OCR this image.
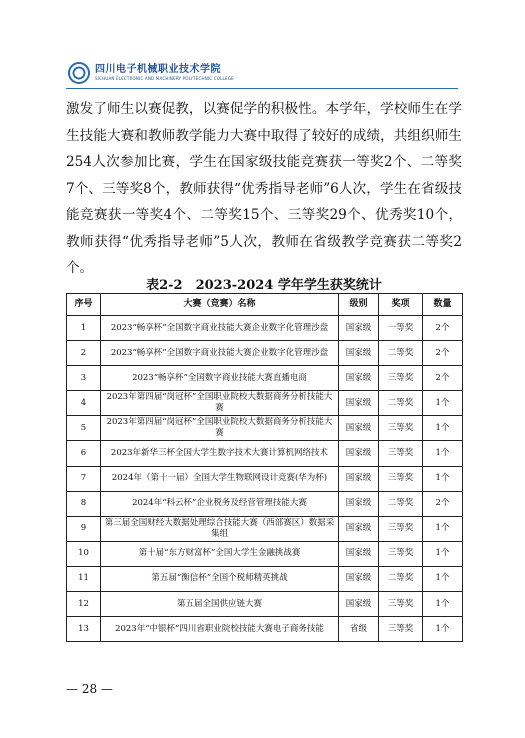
四川电子机械职业技术学院
SICHUAN ELECTRONIC AND MACHINERY POLYTECHNIC COLLEGE
激发了师生以赛促教，以赛促学的积极性。本学年，学校师生在学生技能大赛和教师教学能力大赛中取得了较好的成绩，共组织师生254人次参加比赛，学生在国家级技能竞赛获一等奖2个、二等奖7个、三等奖8个，教师获得“优秀指导老师”6人次，学生在省级技能竞赛获一等奖4个、二等奖15个、三等奖29个、优秀奖10个，教师获得“优秀指导老师”5人次，教师在省级教学竞赛获二等奖2个。
表2-2　2023-2024 学年学生获奖统计
序号	大赛（竞赛）名称	级别	奖项	数量
1	2023“畅享杯”全国数字商业技能大赛企业数字化管理沙盘	国家级	一等奖	2个
2	2023“畅享杯”全国数字商业技能大赛企业数字化管理沙盘	国家级	二等奖	2个
3	2023“畅享杯”全国数字商业技能大赛直播电商	国家级	三等奖	2个
4	2023年第四届“岗冠杯”全国职业院校大数据商务分析技能大赛	国家级	二等奖	1个
5	2023年第四届“岗冠杯”全国职业院校大数据商务分析技能大赛	国家级	三等奖	1个
6	2023年新华三杯全国大学生数字技术大赛计算机网络技术	国家级	三等奖	1个
7	2024年（第十一届）全国大学生物联网设计竞赛(华为杯)	国家级	三等奖	1个
8	2024年“科云杯”企业税务及经营管理技能大赛	国家级	二等奖	2个
9	第三届全国财经大数据处理综合技能大赛（西部赛区）数据采集组	国家级	三等奖	1个
10	第十届“东方财富杯”全国大学生金融挑战赛	国家级	三等奖	1个
11	第五届“衡信杯”全国个税师精英挑战	国家级	二等奖	1个
12	第五届全国供应链大赛	国家级	三等奖	1个
13	2023年“中银杯”四川省职业院校技能大赛电子商务技能	省级	三等奖	1个
— 28 —
